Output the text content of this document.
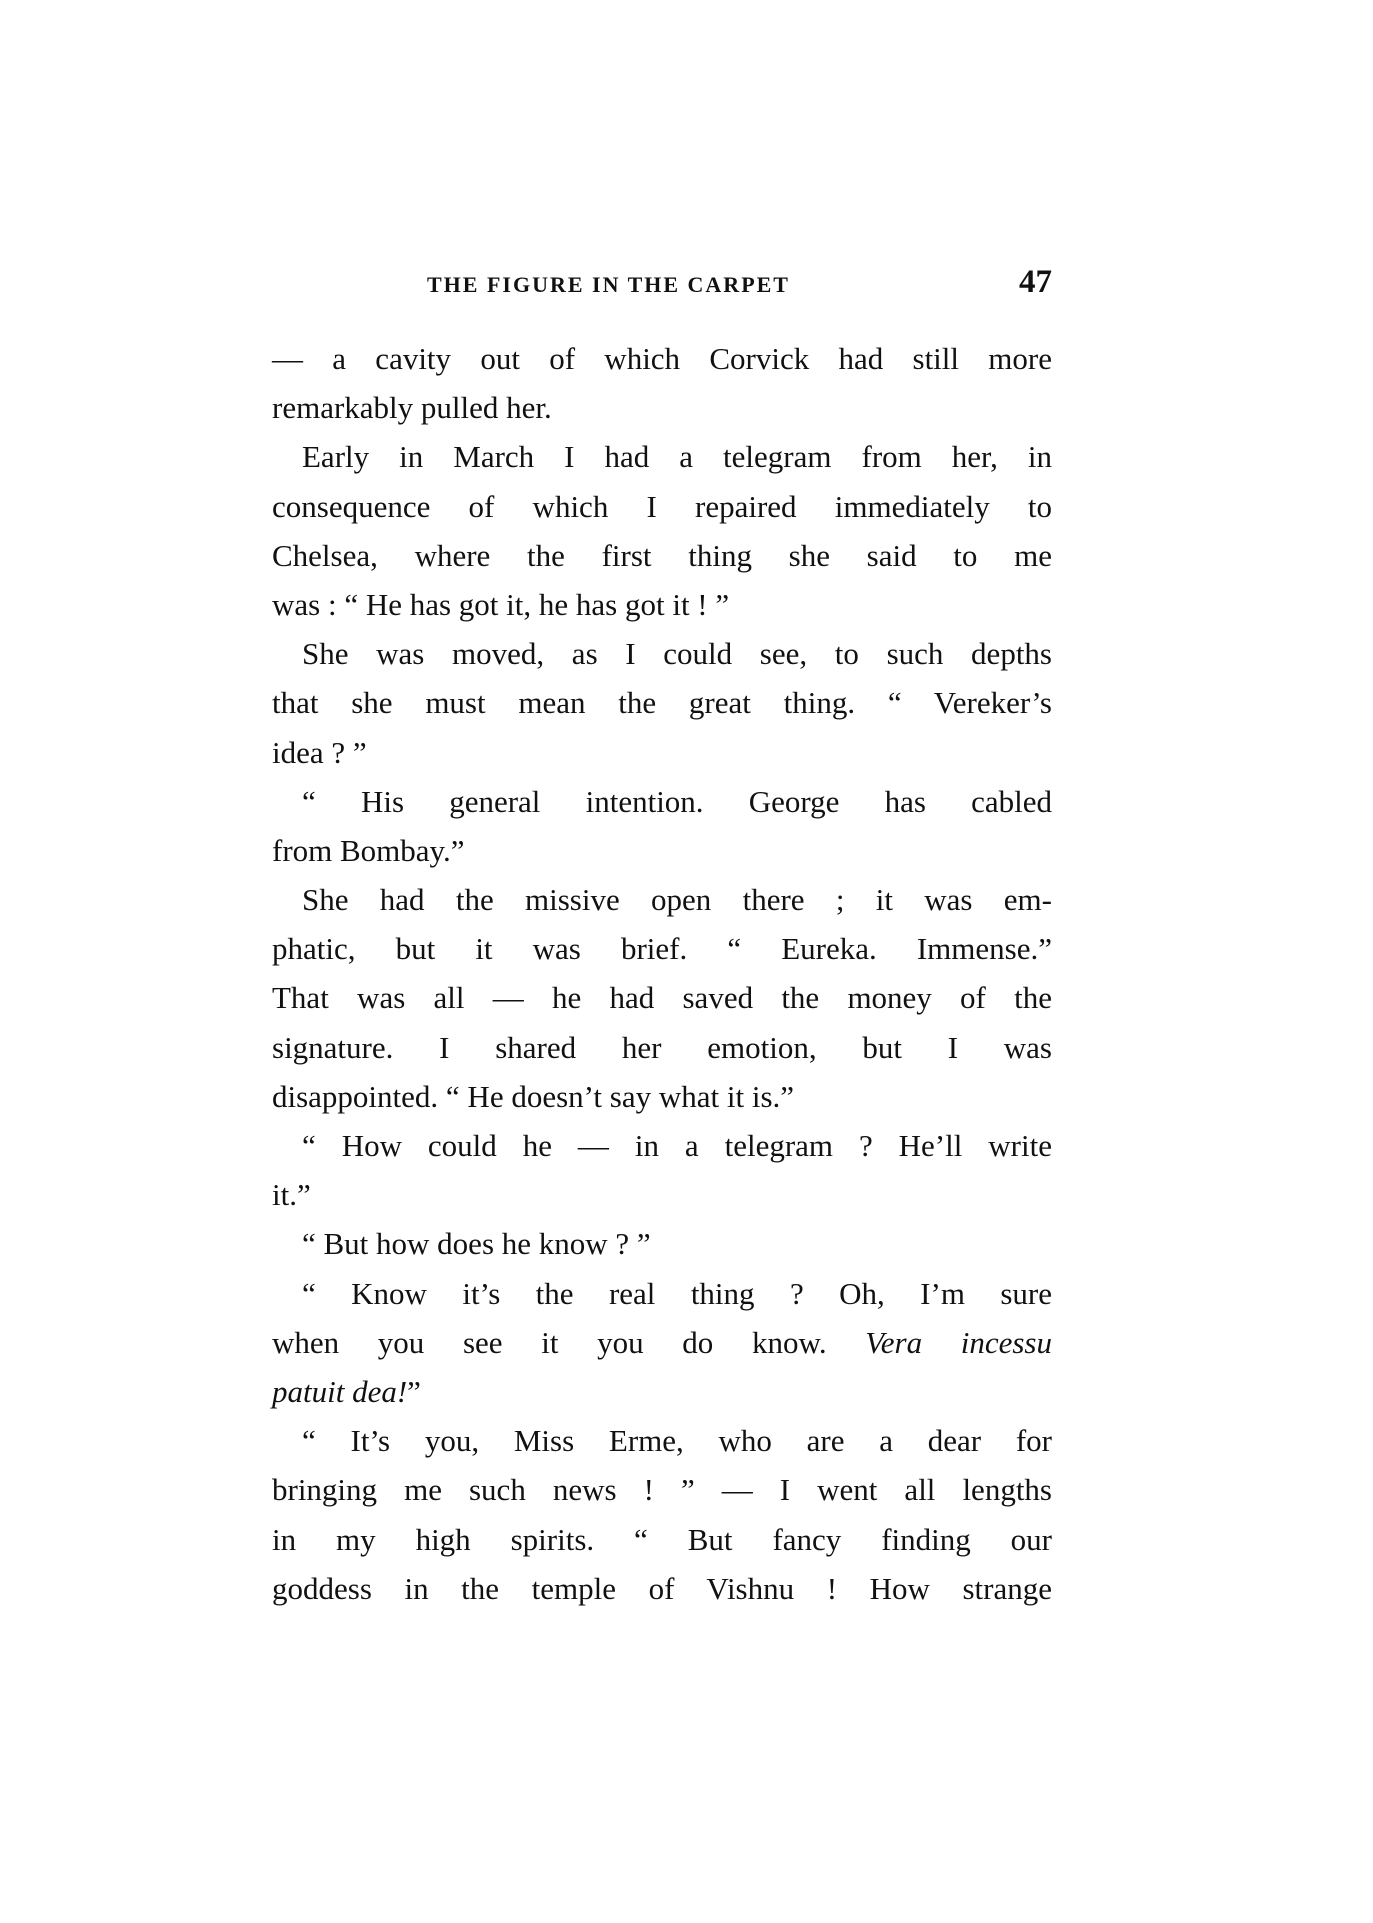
THE FIGURE IN THE CARPET	47
— a cavity out of which Corvick had still more
remarkably pulled her.
Early in March I had a telegram from her, in
consequence of which I repaired immediately to
Chelsea, where the first thing she said to me
was : “ He has got it, he has got it ! ”
She was moved, as I could see, to such depths
that she must mean the great thing. “ Vereker’s
idea ? ”
“ His general intention. George has cabled
from Bombay.”
She had the missive open there ; it was em-
phatic, but it was brief. “ Eureka. Immense.”
That was all — he had saved the money of the
signature. I shared her emotion, but I was
disappointed. “ He doesn’t say what it is.”
“ How could he — in a telegram ? He’ll write
it.”
“ But how does he know ? ”
“ Know it’s the real thing ? Oh, I’m sure
when you see it you do know. Vera incessu
patuit dea!”
“ It’s you, Miss Erme, who are a dear for
bringing me such news ! ” — I went all lengths
in my high spirits. “ But fancy finding our
goddess in the temple of Vishnu ! How strange
